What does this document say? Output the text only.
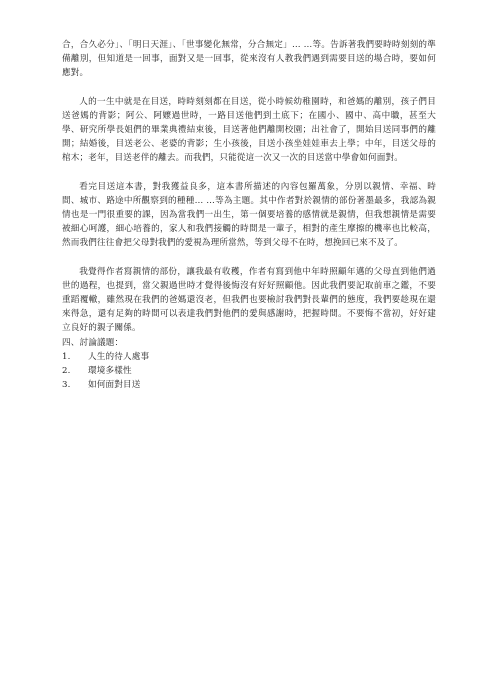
合，合久必分」、「明日天涯」、「世事變化無常，分合無定」… …等。告訴著我們要時時刻刻的準備離別，但知道是一回事，面對又是一回事，從來沒有人教我們遇到需要目送的場合時，要如何應對。

人的一生中就是在目送，時時刻刻都在目送，從小時候幼稚園時，和爸媽的離別，孩子們目送爸媽的背影；阿公、阿嬤過世時，一路目送他們到土底下；在國小、國中、高中職，甚至大學、研究所學長姐們的畢業典禮結束後，目送著他們離開校園；出社會了，開始目送同事們的離開；結婚後，目送老公、老婆的背影；生小孩後，目送小孩坐娃娃車去上學；中年，目送父母的棺木；老年，目送老伴的離去。而我們，只能從這一次又一次的目送當中學會如何面對。

看完目送這本書，對我獲益良多，這本書所描述的內容包羅萬象，分別以親情、幸福、時間、城市、路途中所觀察到的種種… …等為主題。其中作者對於親情的部份著墨最多，我認為親情也是一門很重要的課，因為當我們一出生，第一個要培養的感情就是親情，但我想親情是需要被細心呵護，細心培養的，家人和我們接觸的時間是一輩子，相對的產生摩擦的機率也比較高，然而我們往往會把父母對我們的愛視為理所當然，等到父母不在時，想挽回已來不及了。

我覺得作者寫親情的部份，讓我最有收穫，作者有寫到他中年時照顧年邁的父母直到他們過世的過程，也提到，當父親過世時才覺得後悔沒有好好照顧他。因此我們要記取前車之鑑，不要重蹈覆轍，雖然現在我們的爸媽還沒老，但我們也要檢討我們對長輩們的態度，我們要趁現在還來得急，還有足夠的時間可以表達我們對他們的愛與感謝時，把握時間。不要悔不當初，好好建立良好的親子關係。

四、討論議題：

1.	人生的待人處事
2.	環境多樣性
3.	如何面對目送
